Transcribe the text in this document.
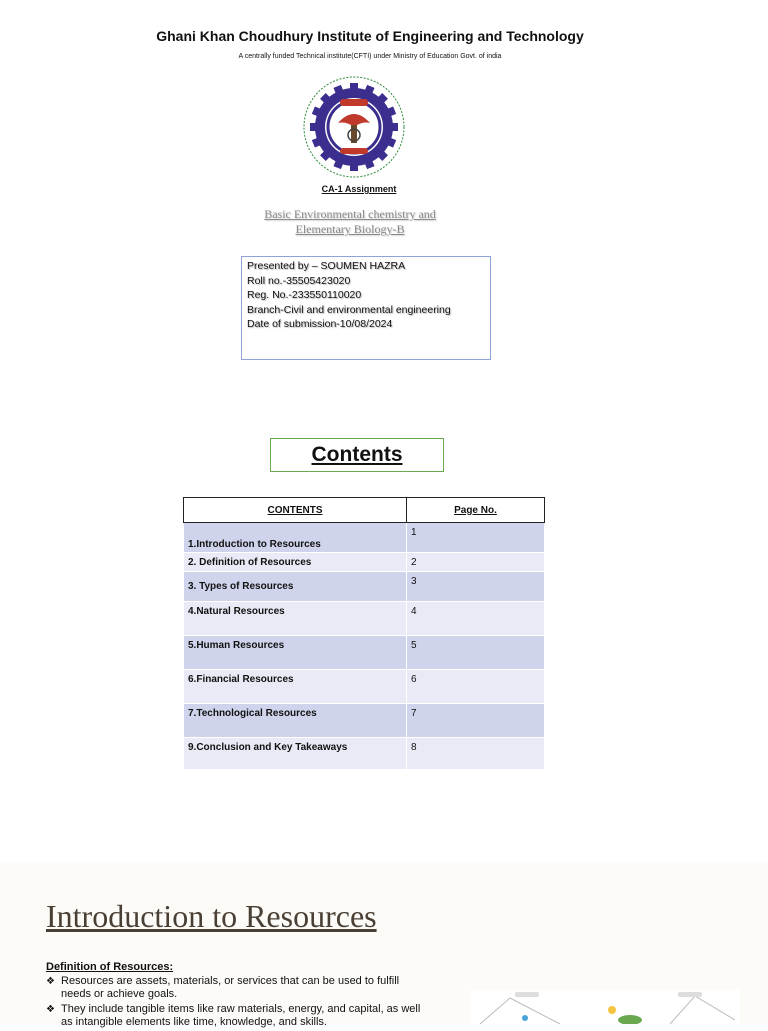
Ghani Khan Choudhury Institute of Engineering and Technology
A centrally funded Technical institute(CFTI) under Ministry of Education Govt. of india
CA-1 Assignment
Basic Environmental chemistry and
Elementary Biology-B
Presented by – SOUMEN HAZRA
Roll no.-35505423020
Reg. No.-233550110020
Branch-Civil and environmental engineering
Date of submission-10/08/2024
Contents
CONTENTS	Page No.
1.Introduction to Resources	1
2. Definition of Resources	2
3. Types of Resources	3
4.Natural Resources	4
5.Human Resources	5
6.Financial Resources	6
7.Technological Resources	7
9.Conclusion and Key Takeaways	8
Introduction to Resources
Definition of Resources:
❖ Resources are assets, materials, or services that can be used to fulfill
needs or achieve goals.
❖ They include tangible items like raw materials, energy, and capital, as well
as intangible elements like time, knowledge, and skills.
